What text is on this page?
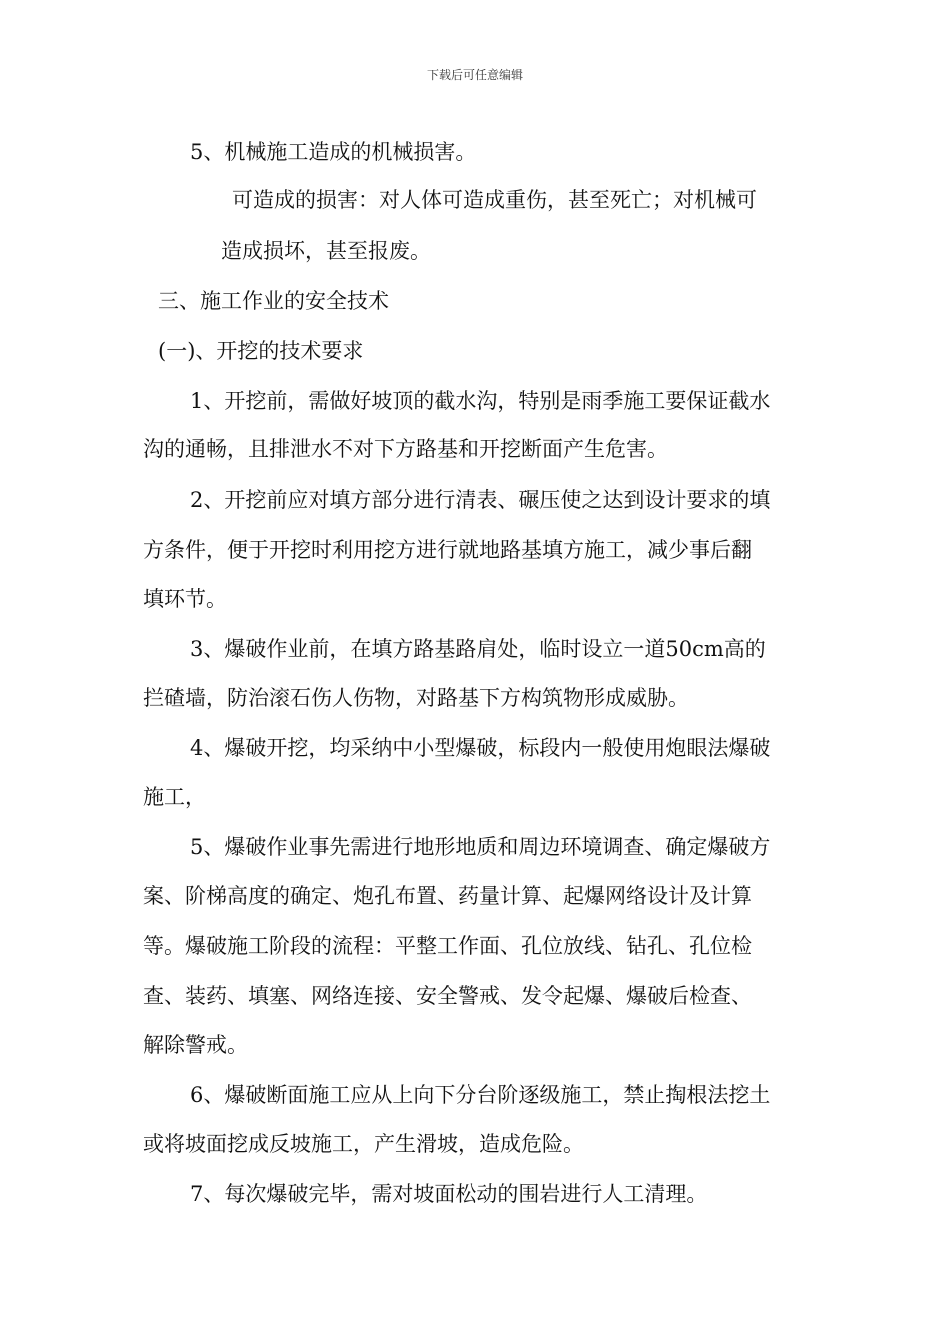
下载后可任意编辑
5、机械施工造成的机械损害。
可造成的损害：对人体可造成重伤，甚至死亡；对机械可
造成损坏，甚至报废。
三、施工作业的安全技术
(一)、开挖的技术要求
1、开挖前，需做好坡顶的截水沟，特别是雨季施工要保证截水
沟的通畅，且排泄水不对下方路基和开挖断面产生危害。
2、开挖前应对填方部分进行清表、碾压使之达到设计要求的填
方条件，便于开挖时利用挖方进行就地路基填方施工，减少事后翻
填环节。
3、爆破作业前，在填方路基路肩处，临时设立一道50cm高的
拦碴墙，防治滚石伤人伤物，对路基下方构筑物形成威胁。
4、爆破开挖，均采纳中小型爆破，标段内一般使用炮眼法爆破
施工，
5、爆破作业事先需进行地形地质和周边环境调查、确定爆破方
案、阶梯高度的确定、炮孔布置、药量计算、起爆网络设计及计算
等。爆破施工阶段的流程：平整工作面、孔位放线、钻孔、孔位检
查、装药、填塞、网络连接、安全警戒、发令起爆、爆破后检查、
解除警戒。
6、爆破断面施工应从上向下分台阶逐级施工，禁止掏根法挖土
或将坡面挖成反坡施工，产生滑坡，造成危险。
7、每次爆破完毕，需对坡面松动的围岩进行人工清理。
